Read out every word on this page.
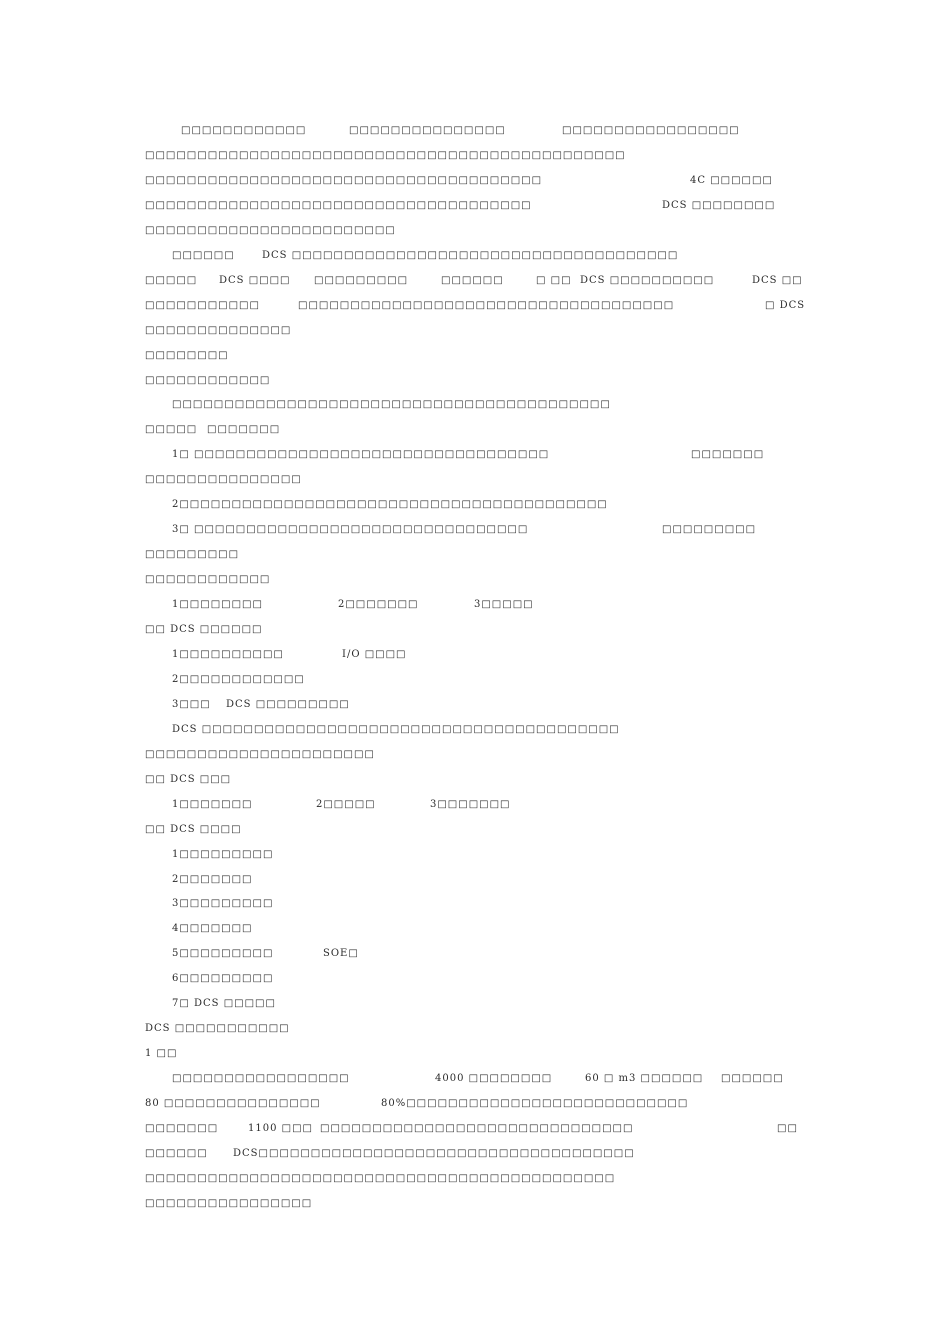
□□□□□□□□□□□□	□□□□□□□□□□□□□□□	□□□□□□□□□□□□□□□□□
□□□□□□□□□□□□□□□□□□□□□□□□□□□□□□□□□□□□□□□□□□□□□□
□□□□□□□□□□□□□□□□□□□□□□□□□□□□□□□□□□□□□□	4C □□□□□□
□□□□□□□□□□□□□□□□□□□□□□□□□□□□□□□□□□□□□	DCS □□□□□□□□
□□□□□□□□□□□□□□□□□□□□□□□□
□□□□□□	DCS □□□□□□□□□□□□□□□□□□□□□□□□□□□□□□□□□□□□□
□□□□□ DCS □□□□ □□□□□□□□□	□□□□□□	□ □□ DCS □□□□□□□□□□	DCS □□
□□□□□□□□□□□	□□□□□□□□□□□□□□□□□□□□□□□□□□□□□□□□□□□□	□ DCS
□□□□□□□□□□□□□□
□□□□□□□□
□□□□□□□□□□□□
□□□□□□□□□□□□□□□□□□□□□□□□□□□□□□□□□□□□□□□□□□
□□□□□ □□□□□□□
1□ □□□□□□□□□□□□□□□□□□□□□□□□□□□□□□□□□□	□□□□□□□
□□□□□□□□□□□□□□□
2□□□□□□□□□□□□□□□□□□□□□□□□□□□□□□□□□□□□□□□□□
3□ □□□□□□□□□□□□□□□□□□□□□□□□□□□□□□□□	□□□□□□□□□
□□□□□□□□□
□□□□□□□□□□□□
1□□□□□□□□	2□□□□□□□	3□□□□□
□□ DCS □□□□□□
1□□□□□□□□□□	I/O □□□□
2□□□□□□□□□□□□
3□□□ DCS □□□□□□□□□
DCS □□□□□□□□□□□□□□□□□□□□□□□□□□□□□□□□□□□□□□□□
□□□□□□□□□□□□□□□□□□□□□□
□□ DCS □□□
1□□□□□□□	2□□□□□	3□□□□□□□
□□ DCS □□□□
1□□□□□□□□□
2□□□□□□□
3□□□□□□□□□
4□□□□□□□
5□□□□□□□□□	SOE□
6□□□□□□□□□
7□ DCS □□□□□
DCS □□□□□□□□□□□
1 □□
□□□□□□□□□□□□□□□□□	4000 □□□□□□□□	60 □ m3 □□□□□□ □□□□□□
80 □□□□□□□□□□□□□□□	80%□□□□□□□□□□□□□□□□□□□□□□□□□□□
□□□□□□□	1100 □□□ □□□□□□□□□□□□□□□□□□□□□□□□□□□□□□	□□
□□□□□□	DCS□□□□□□□□□□□□□□□□□□□□□□□□□□□□□□□□□□□□
□□□□□□□□□□□□□□□□□□□□□□□□□□□□□□□□□□□□□□□□□□□□□
□□□□□□□□□□□□□□□□
